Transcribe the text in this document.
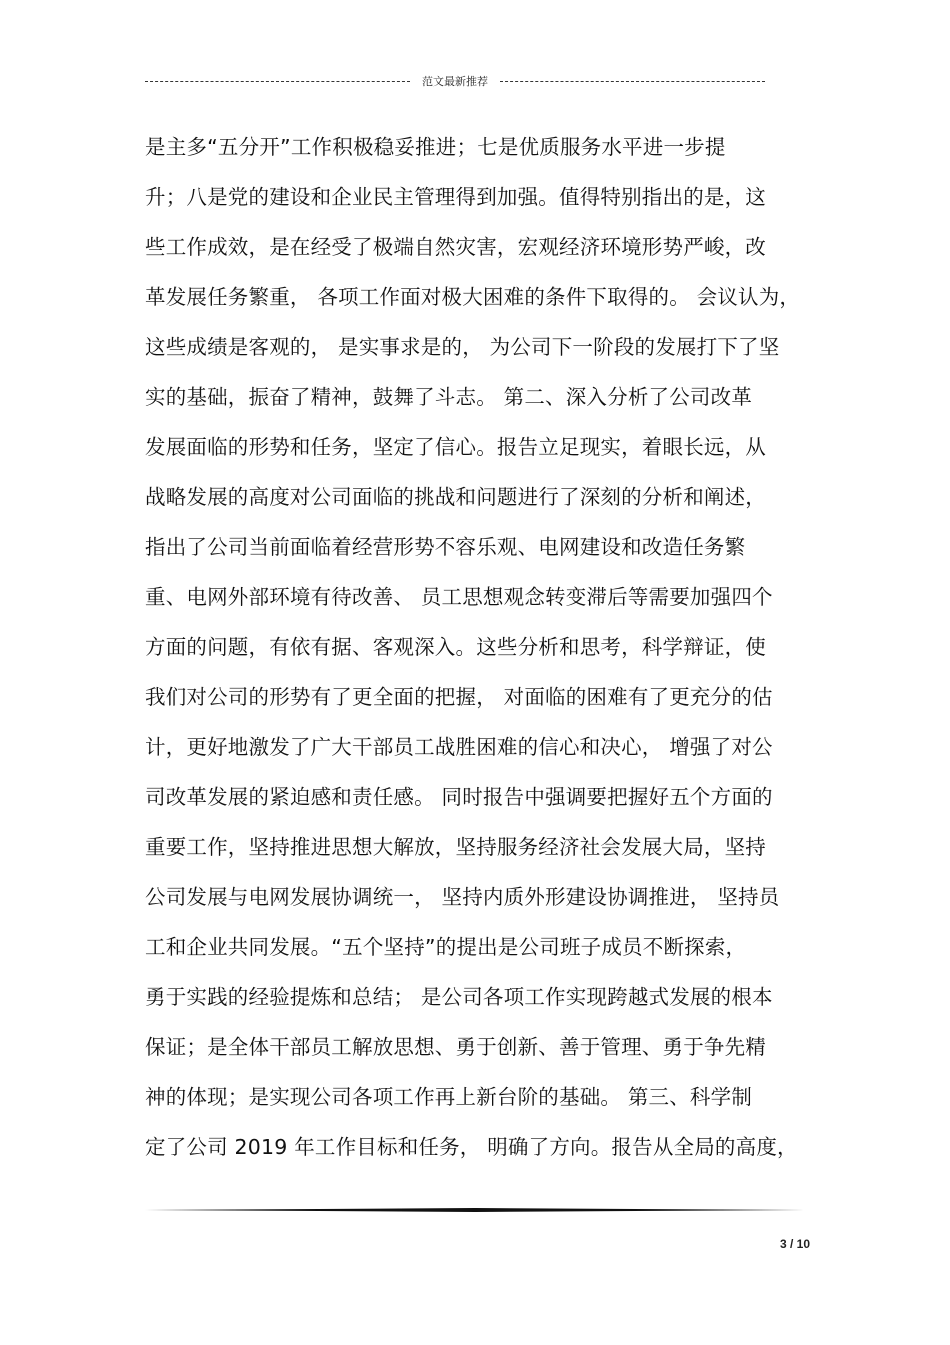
范文最新推荐
是主多“五分开”工作积极稳妥推进；七是优质服务水平进一步提
升；八是党的建设和企业民主管理得到加强。值得特别指出的是，这
些工作成效，是在经受了极端自然灾害，宏观经济环境形势严峻，改
革发展任务繁重， 各项工作面对极大困难的条件下取得的。 会议认为，
这些成绩是客观的， 是实事求是的， 为公司下一阶段的发展打下了坚
实的基础，振奋了精神，鼓舞了斗志。 第二、深入分析了公司改革
发展面临的形势和任务，坚定了信心。报告立足现实，着眼长远，从
战略发展的高度对公司面临的挑战和问题进行了深刻的分析和阐述，
指出了公司当前面临着经营形势不容乐观、电网建设和改造任务繁
重、电网外部环境有待改善、 员工思想观念转变滞后等需要加强四个
方面的问题，有依有据、客观深入。这些分析和思考，科学辩证，使
我们对公司的形势有了更全面的把握， 对面临的困难有了更充分的估
计，更好地激发了广大干部员工战胜困难的信心和决心， 增强了对公
司改革发展的紧迫感和责任感。 同时报告中强调要把握好五个方面的
重要工作，坚持推进思想大解放，坚持服务经济社会发展大局，坚持
公司发展与电网发展协调统一， 坚持内质外形建设协调推进， 坚持员
工和企业共同发展。“五个坚持”的提出是公司班子成员不断探索，
勇于实践的经验提炼和总结； 是公司各项工作实现跨越式发展的根本
保证；是全体干部员工解放思想、勇于创新、善于管理、勇于争先精
神的体现；是实现公司各项工作再上新台阶的基础。 第三、科学制
定了公司 2019 年工作目标和任务， 明确了方向。报告从全局的高度，
3 / 10
